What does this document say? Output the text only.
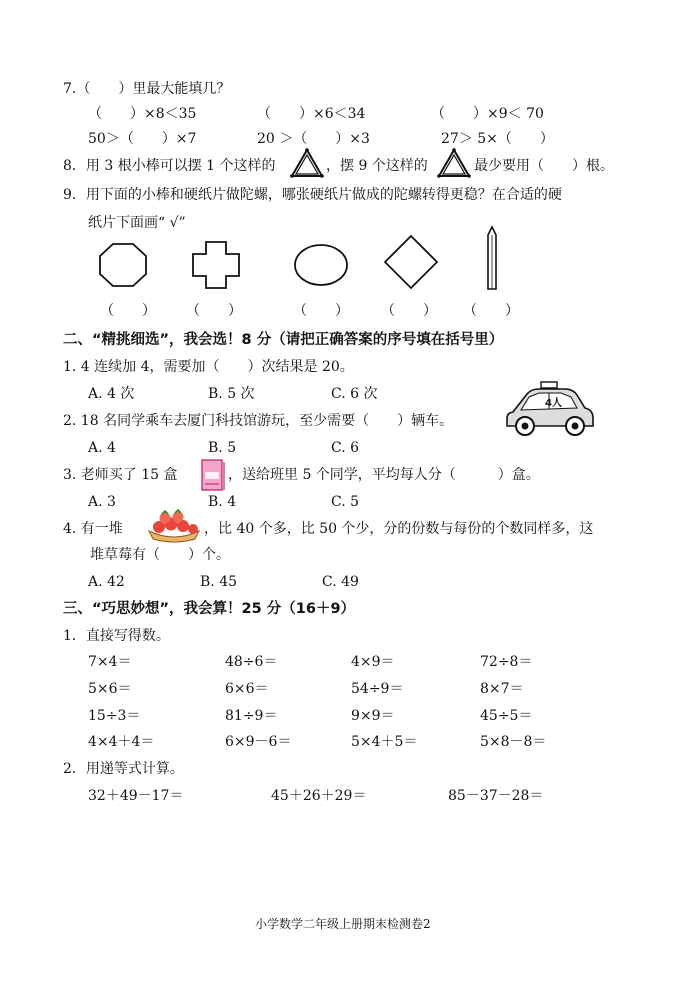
7.（　　）里最大能填几？
（　　）×8＜35	（　　）×6＜34	（　　）×9＜ 70
50＞（　　）×7	20 ＞（　　）×3	27＞ 5×（　　）
8．用 3 根小棒可以摆 1 个这样的	，摆 9 个这样的	最少要用（　　）根。
9．用下面的小棒和硬纸片做陀螺，哪张硬纸片做成的陀螺转得更稳？在合适的硬
纸片下面画“ √”
（　　） （　　）	（　　） （　　） （　　）
二、“精挑细选”，我会选！8 分（请把正确答案的序号填在括号里）
1. 4 连续加 4，需要加（　　）次结果是 20。
A. 4 次	B. 5 次	C. 6 次
2. 18 名同学乘车去厦门科技馆游玩，至少需要（　　）辆车。
4人
A. 4	B. 5	C. 6
3. 老师买了 15 盒	，送给班里 5 个同学，平均每人分（　　　）盒。
A. 3	B. 4	C. 5
4. 有一堆	，比 40 个多，比 50 个少，分的份数与每份的个数同样多，这
堆草莓有（　　）个。
A. 42	B. 45	C. 49
三、“巧思妙想”，我会算！25 分（16＋9）
1．直接写得数。
7×4＝	48÷6＝	4×9＝	72÷8＝
5×6＝	6×6＝	54÷9＝	8×7＝
15÷3＝	81÷9＝	9×9＝	45÷5＝
4×4＋4＝	6×9－6＝	5×4＋5＝	5×8－8＝
2．用递等式计算。
32＋49－17＝	45＋26＋29＝	85－37－28＝
小学数学二年级上册期末检测卷2
